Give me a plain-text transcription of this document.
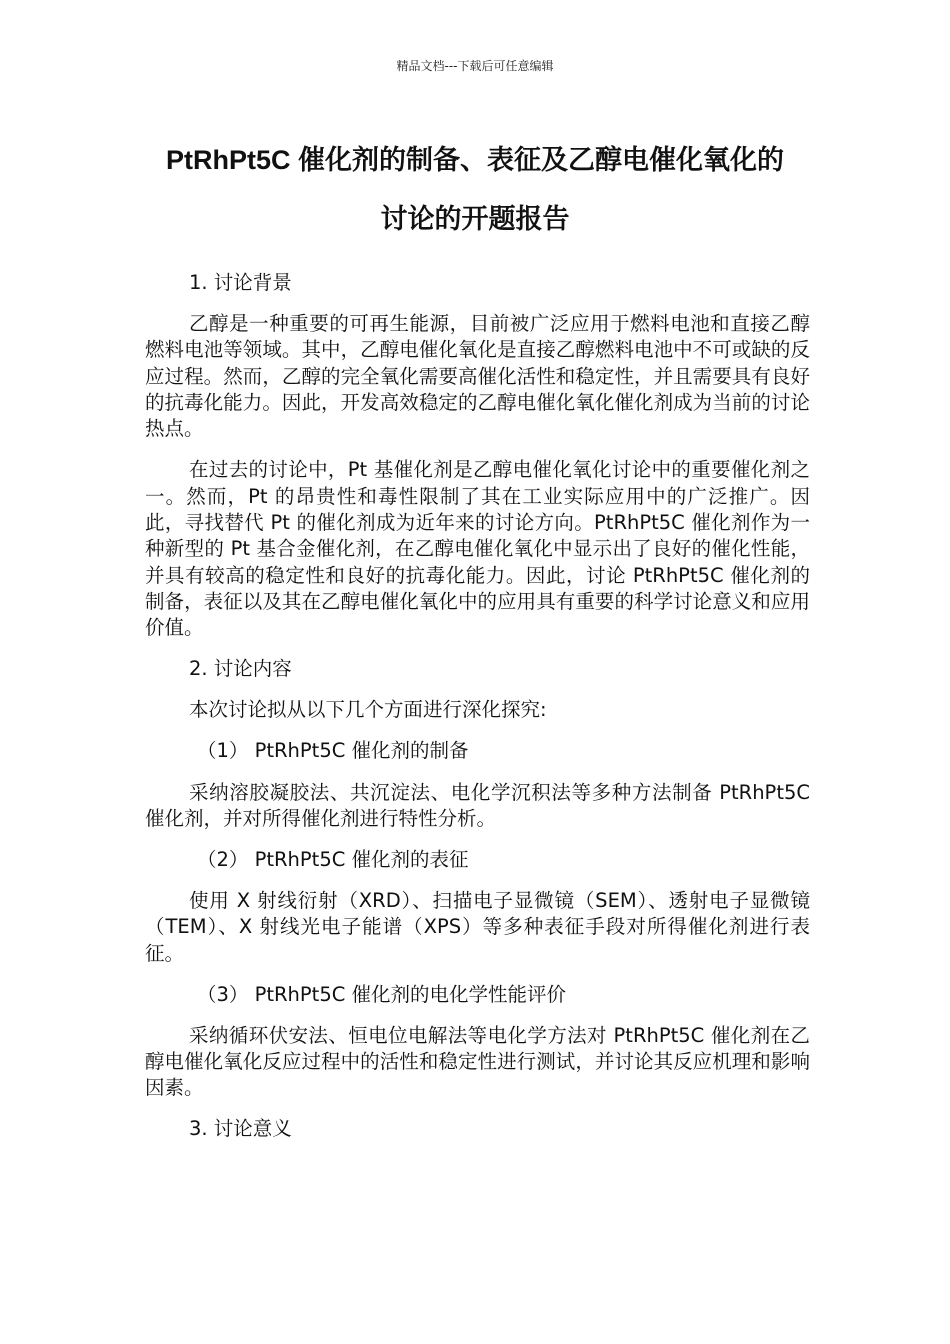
精品文档---下载后可任意编辑
PtRhPt5C 催化剂的制备、表征及乙醇电催化氧化的
讨论的开题报告

1. 讨论背景

乙醇是一种重要的可再生能源，目前被广泛应用于燃料电池和直接乙醇燃料电池等领域。其中，乙醇电催化氧化是直接乙醇燃料电池中不可或缺的反应过程。然而，乙醇的完全氧化需要高催化活性和稳定性，并且需要具有良好的抗毒化能力。因此，开发高效稳定的乙醇电催化氧化催化剂成为当前的讨论热点。

在过去的讨论中，Pt 基催化剂是乙醇电催化氧化讨论中的重要催化剂之一。然而，Pt 的昂贵性和毒性限制了其在工业实际应用中的广泛推广。因此，寻找替代 Pt 的催化剂成为近年来的讨论方向。PtRhPt5C 催化剂作为一种新型的 Pt 基合金催化剂，在乙醇电催化氧化中显示出了良好的催化性能，并具有较高的稳定性和良好的抗毒化能力。因此，讨论 PtRhPt5C 催化剂的制备，表征以及其在乙醇电催化氧化中的应用具有重要的科学讨论意义和应用价值。

2. 讨论内容

本次讨论拟从以下几个方面进行深化探究:

（1） PtRhPt5C 催化剂的制备

采纳溶胶凝胶法、共沉淀法、电化学沉积法等多种方法制备 PtRhPt5C 催化剂，并对所得催化剂进行特性分析。

（2） PtRhPt5C 催化剂的表征

使用 X 射线衍射（XRD）、扫描电子显微镜（SEM）、透射电子显微镜（TEM）、X 射线光电子能谱（XPS）等多种表征手段对所得催化剂进行表征。

（3） PtRhPt5C 催化剂的电化学性能评价

采纳循环伏安法、恒电位电解法等电化学方法对 PtRhPt5C 催化剂在乙醇电催化氧化反应过程中的活性和稳定性进行测试，并讨论其反应机理和影响因素。

3. 讨论意义
